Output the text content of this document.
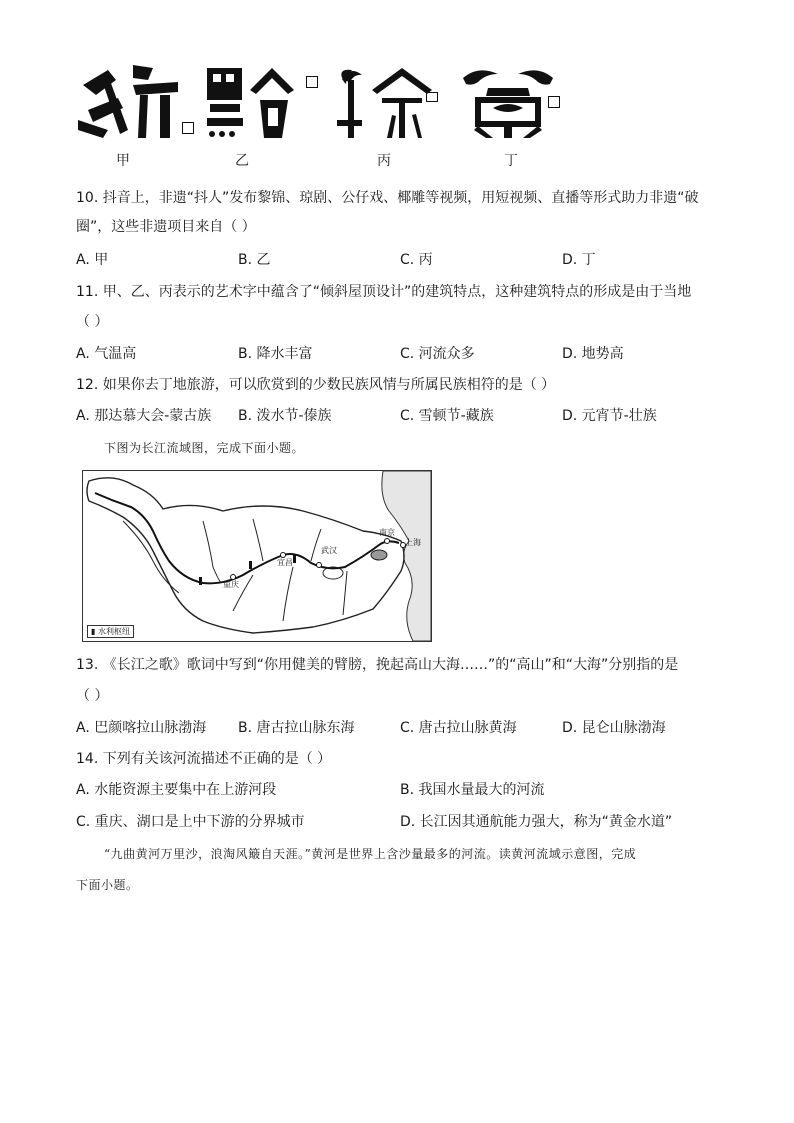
甲	乙	丙	丁
10. 抖音上，非遗“抖人”发布黎锦、琼剧、公仔戏、椰雕等视频，用短视频、直播等形式助力非遗“破
圈”，这些非遗项目来自（ ）
A. 甲	B. 乙	C. 丙	D. 丁
11. 甲、乙、丙表示的艺术字中蕴含了“倾斜屋顶设计”的建筑特点，这种建筑特点的形成是由于当地
（ ）
A. 气温高	B. 降水丰富	C. 河流众多	D. 地势高
12. 如果你去丁地旅游，可以欣赏到的少数民族风情与所属民族相符的是（ ）
A. 那达慕大会-蒙古族 B. 泼水节-傣族	C. 雪顿节-藏族	D. 元宵节-壮族
下图为长江流域图，完成下面小题。
重庆
宜昌
武汉
南京
上海
▮ 水利枢纽
13. 《长江之歌》歌词中写到“你用健美的臂膀，挽起高山大海……”的“高山”和“大海”分别指的是
（ ）
A. 巴颜喀拉山脉渤海 B. 唐古拉山脉东海	C. 唐古拉山脉黄海	D. 昆仑山脉渤海
14. 下列有关该河流描述不正确的是（ ）
A. 水能资源主要集中在上游河段	B. 我国水量最大的河流
C. 重庆、湖口是上中下游的分界城市	D. 长江因其通航能力强大，称为“黄金水道”
“九曲黄河万里沙，浪淘风簸自天涯。”黄河是世界上含沙量最多的河流。读黄河流域示意图，完成
下面小题。
